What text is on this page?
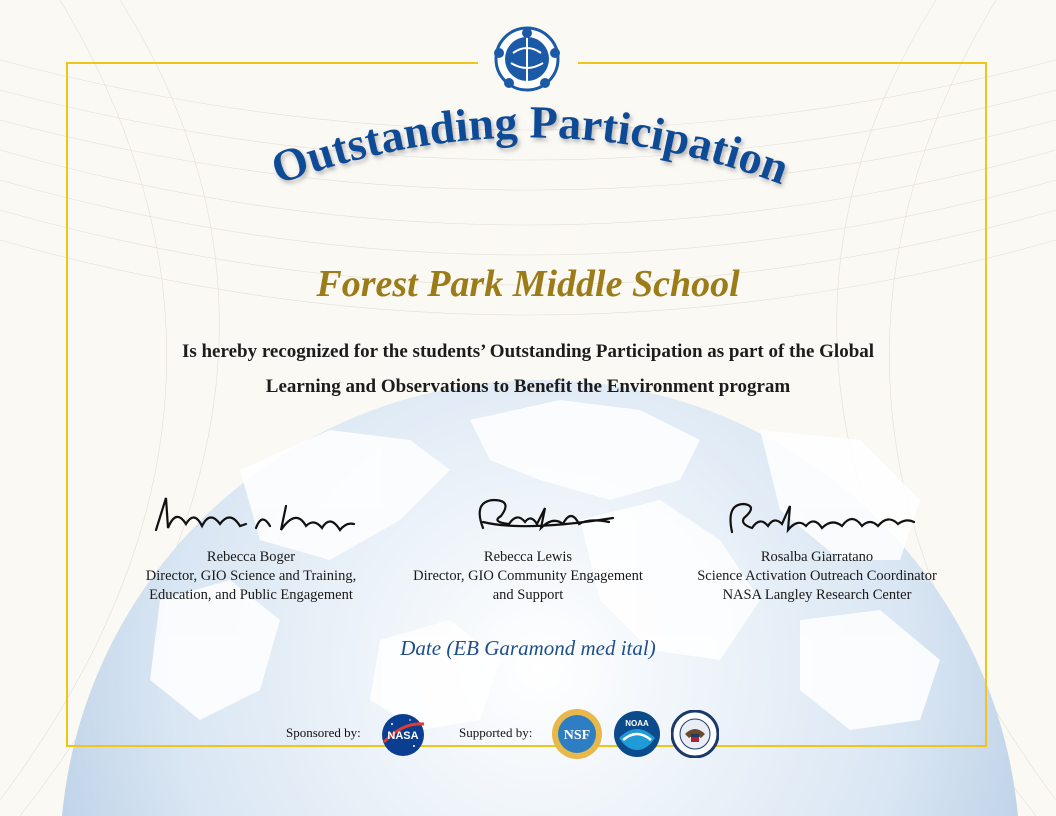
Outstanding Participation
Forest Park Middle School
Is hereby recognized for the students’ Outstanding Participation as part of the Global
Learning and Observations to Benefit the Environment program
Rebecca Boger
Director, GIO Science and Training,
Education, and Public Engagement
Rebecca Lewis
Director, GIO Community Engagement
and Support
Rosalba Giarratano
Science Activation Outreach Coordinator
NASA Langley Research Center
Date (EB Garamond med ital)
Sponsored by: NASA	Supported by: NSF
NOAA
